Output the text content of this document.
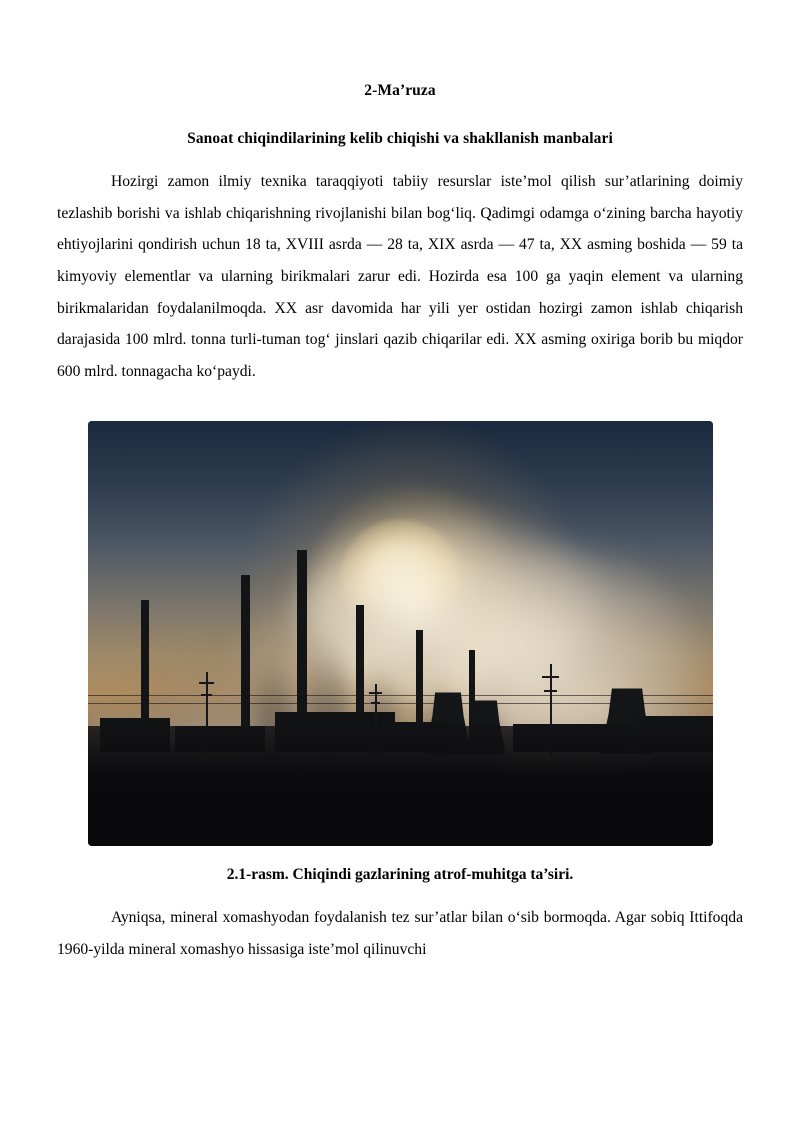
2-Ma’ruza
Sanoat chiqindilarining kelib chiqishi va shakllanish manbalari

Hozirgi zamon ilmiy texnika taraqqiyoti tabiiy resurslar iste’mol qilish sur’atlarining doimiy tezlashib borishi va ishlab chiqarishning rivojlanishi bilan bog‘liq. Qadimgi odamga o‘zining barcha hayotiy ehtiyojlarini qondirish uchun 18 ta, XVIII asrda — 28 ta, XIX asrda — 47 ta, XX asming boshida — 59 ta kimyoviy elementlar va ularning birikmalari zarur edi. Hozirda esa 100 ga yaqin element va ularning birikmalaridan foydalanilmoqda. XX asr davomida har yili yer ostidan hozirgi zamon ishlab chiqarish darajasida 100 mlrd. tonna turli-tuman tog‘ jinslari qazib chiqarilar edi. XX asming oxiriga borib bu miqdor 600 mlrd. tonnagacha ko‘paydi.

2.1-rasm. Chiqindi gazlarining atrof-muhitga ta’siri.

Ayniqsa, mineral xomashyodan foydalanish tez sur’atlar bilan o‘sib bormoqda. Agar sobiq Ittifoqda 1960-yilda mineral xomashyo hissasiga iste’mol qilinuvchi
